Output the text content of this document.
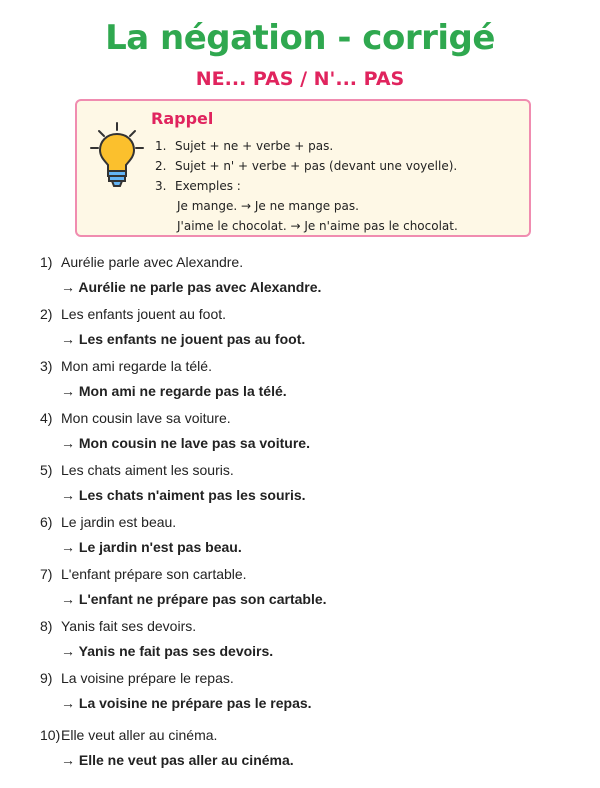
La négation - corrigé
NE... PAS / N'... PAS
Rappel
1. Sujet + ne + verbe + pas.
2. Sujet + n' + verbe + pas (devant une voyelle).
3. Exemples :
Je mange. → Je ne mange pas.
J'aime le chocolat. → Je n'aime pas le chocolat.
1) Aurélie parle avec Alexandre.
→ Aurélie ne parle pas avec Alexandre.
2) Les enfants jouent au foot.
→ Les enfants ne jouent pas au foot.
3) Mon ami regarde la télé.
→ Mon ami ne regarde pas la télé.
4) Mon cousin lave sa voiture.
→ Mon cousin ne lave pas sa voiture.
5) Les chats aiment les souris.
→ Les chats n'aiment pas les souris.
6) Le jardin est beau.
→ Le jardin n'est pas beau.
7) L'enfant prépare son cartable.
→ L'enfant ne prépare pas son cartable.
8) Yanis fait ses devoirs.
→ Yanis ne fait pas ses devoirs.
9) La voisine prépare le repas.
→ La voisine ne prépare pas le repas.
10)Elle veut aller au cinéma.
→ Elle ne veut pas aller au cinéma.
